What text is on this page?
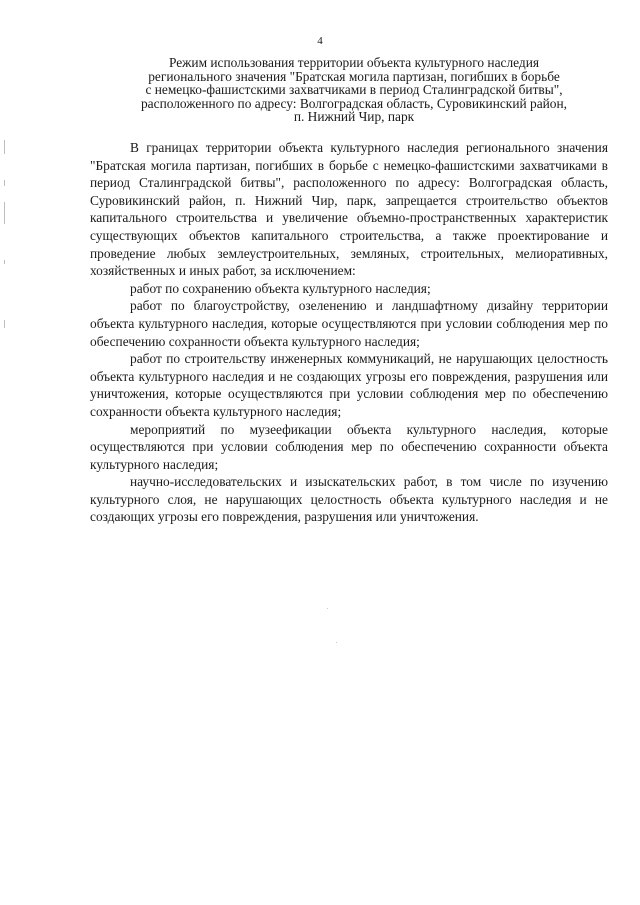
4
Режим использования территории объекта культурного наследия
регионального значения "Братская могила партизан, погибших в борьбе
с немецко-фашистскими захватчиками в период Сталинградской битвы",
расположенного по адресу: Волгоградская область, Суровикинский район,
п. Нижний Чир, парк

В границах территории объекта культурного наследия регионального значения "Братская могила партизан, погибших в борьбе с немецко-фашистскими захватчиками в период Сталинградской битвы", расположенного по адресу: Волгоградская область, Суровикинский район, п. Нижний Чир, парк, запрещается строительство объектов капитального строительства и увеличение объемно-пространственных характеристик существующих объектов капитального строительства, а также проектирование и проведение любых землеустроительных, земляных, строительных, мелиоративных, хозяйственных и иных работ, за исключением:

работ по сохранению объекта культурного наследия;

работ по благоустройству, озеленению и ландшафтному дизайну территории объекта культурного наследия, которые осуществляются при условии соблюдения мер по обеспечению сохранности объекта культурного наследия;

работ по строительству инженерных коммуникаций, не нарушающих целостность объекта культурного наследия и не создающих угрозы его повреждения, разрушения или уничтожения, которые осуществляются при условии соблюдения мер по обеспечению сохранности объекта культурного наследия;

мероприятий по музеефикации объекта культурного наследия, которые осуществляются при условии соблюдения мер по обеспечению сохранности объекта культурного наследия;

научно-исследовательских и изыскательских работ, в том числе по изучению культурного слоя, не нарушающих целостность объекта культурного наследия и не создающих угрозы его повреждения, разрушения или уничтожения.
